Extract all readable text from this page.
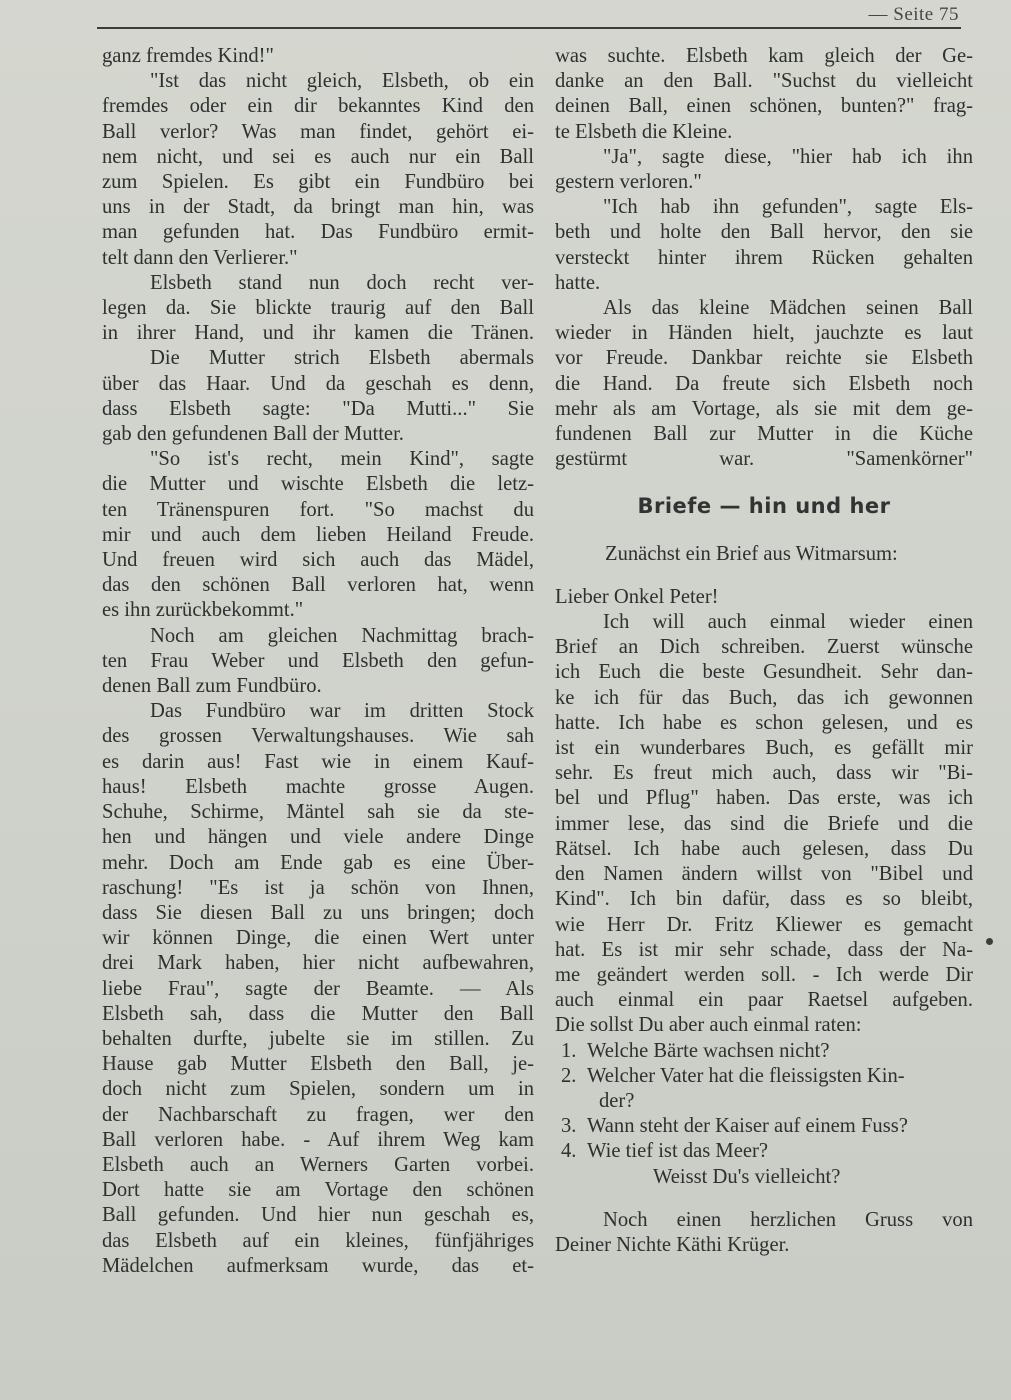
— Seite 75
ganz fremdes Kind!"
"Ist das nicht gleich, Elsbeth, ob ein
fremdes oder ein dir bekanntes Kind den
Ball verlor? Was man findet, gehört ei-
nem nicht, und sei es auch nur ein Ball
zum Spielen. Es gibt ein Fundbüro bei
uns in der Stadt, da bringt man hin, was
man gefunden hat. Das Fundbüro ermit-
telt dann den Verlierer."
Elsbeth stand nun doch recht ver-
legen da. Sie blickte traurig auf den Ball
in ihrer Hand, und ihr kamen die Tränen.
Die Mutter strich Elsbeth abermals
über das Haar. Und da geschah es denn,
dass Elsbeth sagte: "Da Mutti..." Sie
gab den gefundenen Ball der Mutter.
"So ist's recht, mein Kind", sagte
die Mutter und wischte Elsbeth die letz-
ten Tränenspuren fort. "So machst du
mir und auch dem lieben Heiland Freude.
Und freuen wird sich auch das Mädel,
das den schönen Ball verloren hat, wenn
es ihn zurückbekommt."
Noch am gleichen Nachmittag brach-
ten Frau Weber und Elsbeth den gefun-
denen Ball zum Fundbüro.
Das Fundbüro war im dritten Stock
des grossen Verwaltungshauses. Wie sah
es darin aus! Fast wie in einem Kauf-
haus! Elsbeth machte grosse Augen.
Schuhe, Schirme, Mäntel sah sie da ste-
hen und hängen und viele andere Dinge
mehr. Doch am Ende gab es eine Über-
raschung! "Es ist ja schön von Ihnen,
dass Sie diesen Ball zu uns bringen; doch
wir können Dinge, die einen Wert unter
drei Mark haben, hier nicht aufbewahren,
liebe Frau", sagte der Beamte. — Als
Elsbeth sah, dass die Mutter den Ball
behalten durfte, jubelte sie im stillen. Zu
Hause gab Mutter Elsbeth den Ball, je-
doch nicht zum Spielen, sondern um in
der Nachbarschaft zu fragen, wer den
Ball verloren habe. - Auf ihrem Weg kam
Elsbeth auch an Werners Garten vorbei.
Dort hatte sie am Vortage den schönen
Ball gefunden. Und hier nun geschah es,
das Elsbeth auf ein kleines, fünfjähriges
Mädelchen aufmerksam wurde, das et-
was suchte. Elsbeth kam gleich der Ge-
danke an den Ball. "Suchst du vielleicht
deinen Ball, einen schönen, bunten?" frag-
te Elsbeth die Kleine.
"Ja", sagte diese, "hier hab ich ihn
gestern verloren."
"Ich hab ihn gefunden", sagte Els-
beth und holte den Ball hervor, den sie
versteckt hinter ihrem Rücken gehalten
hatte.
Als das kleine Mädchen seinen Ball
wieder in Händen hielt, jauchzte es laut
vor Freude. Dankbar reichte sie Elsbeth
die Hand. Da freute sich Elsbeth noch
mehr als am Vortage, als sie mit dem ge-
fundenen Ball zur Mutter in die Küche
gestürmt war. "Samenkörner"
Briefe — hin und her
Zunächst ein Brief aus Witmarsum:
Lieber Onkel Peter!
Ich will auch einmal wieder einen
Brief an Dich schreiben. Zuerst wünsche
ich Euch die beste Gesundheit. Sehr dan-
ke ich für das Buch, das ich gewonnen
hatte. Ich habe es schon gelesen, und es
ist ein wunderbares Buch, es gefällt mir
sehr. Es freut mich auch, dass wir "Bi-
bel und Pflug" haben. Das erste, was ich
immer lese, das sind die Briefe und die
Rätsel. Ich habe auch gelesen, dass Du
den Namen ändern willst von "Bibel und
Kind". Ich bin dafür, dass es so bleibt,
wie Herr Dr. Fritz Kliewer es gemacht
hat. Es ist mir sehr schade, dass der Na-
me geändert werden soll. - Ich werde Dir
auch einmal ein paar Raetsel aufgeben.
Die sollst Du aber auch einmal raten:
1. Welche Bärte wachsen nicht?
2. Welcher Vater hat die fleissigsten Kin-
der?
3. Wann steht der Kaiser auf einem Fuss?
4. Wie tief ist das Meer?
Weisst Du's vielleicht?
Noch einen herzlichen Gruss von
Deiner Nichte Käthi Krüger.
